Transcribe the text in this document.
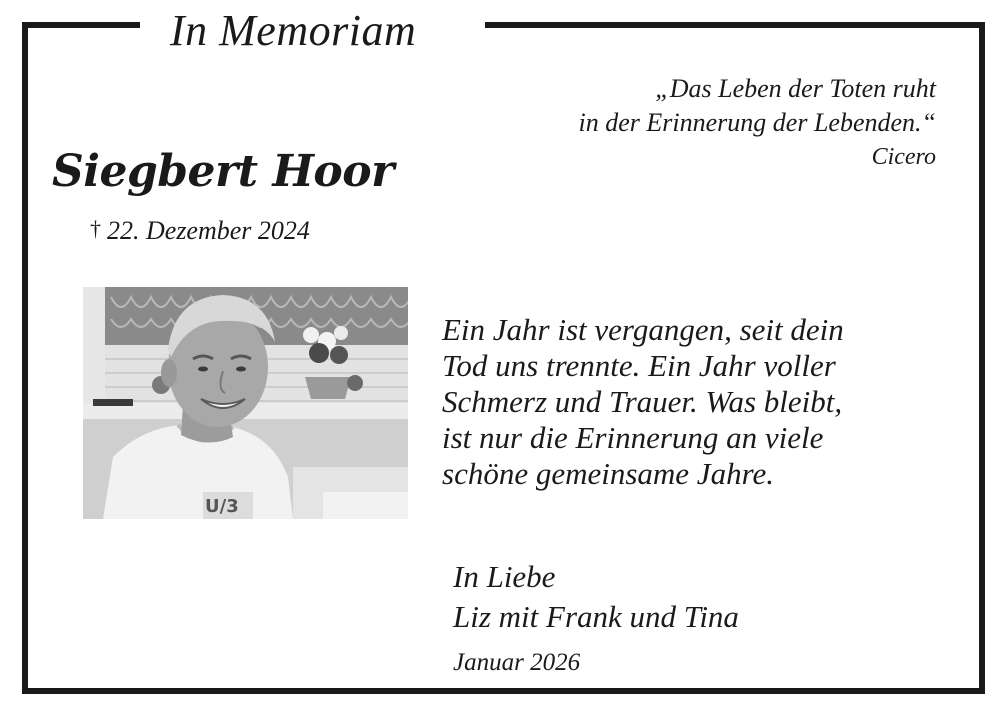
In Memoriam
„Das Leben der Toten ruht
in der Erinnerung der Lebenden.“
Cicero
Siegbert Hoor
† 22. Dezember 2024
U/3
Ein Jahr ist vergangen, seit dein
Tod uns trennte. Ein Jahr voller
Schmerz und Trauer. Was bleibt,
ist nur die Erinnerung an viele
schöne gemeinsame Jahre.
In Liebe
Liz mit Frank und Tina
Januar 2026
